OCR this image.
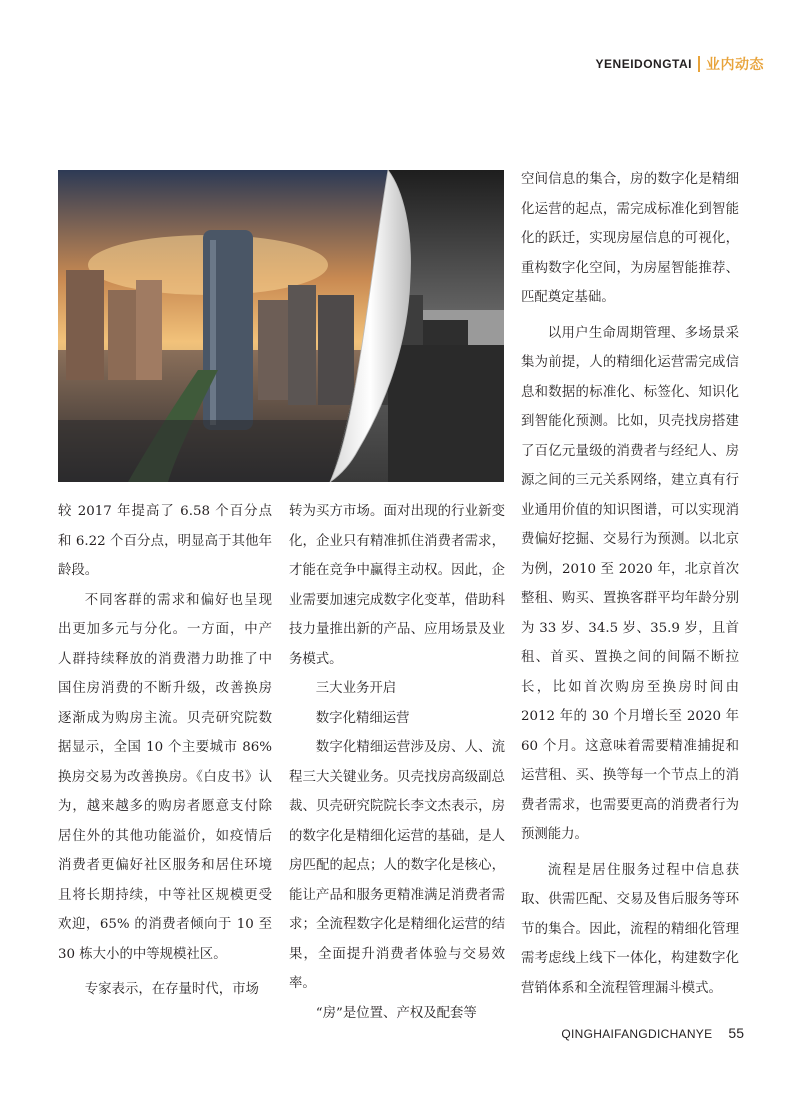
YENEIDONGTAI 业内动态

较 2017 年提高了 6.58 个百分点和 6.22 个百分点，明显高于其他年龄段。

不同客群的需求和偏好也呈现出更加多元与分化。一方面，中产人群持续释放的消费潜力助推了中国住房消费的不断升级，改善换房逐渐成为购房主流。贝壳研究院数据显示，全国 10 个主要城市 86% 换房交易为改善换房。《白皮书》认为，越来越多的购房者愿意支付除居住外的其他功能溢价，如疫情后消费者更偏好社区服务和居住环境且将长期持续，中等社区规模更受欢迎，65% 的消费者倾向于 10 至 30 栋大小的中等规模社区。

专家表示，在存量时代，市场

转为买方市场。面对出现的行业新变化，企业只有精准抓住消费者需求，才能在竞争中赢得主动权。因此，企业需要加速完成数字化变革，借助科技力量推出新的产品、应用场景及业务模式。

三大业务开启

数字化精细运营

数字化精细运营涉及房、人、流程三大关键业务。贝壳找房高级副总裁、贝壳研究院院长李文杰表示，房的数字化是精细化运营的基础，是人房匹配的起点；人的数字化是核心，能让产品和服务更精准满足消费者需求；全流程数字化是精细化运营的结果，全面提升消费者体验与交易效率。

“房”是位置、产权及配套等

空间信息的集合，房的数字化是精细化运营的起点，需完成标准化到智能化的跃迁，实现房屋信息的可视化，重构数字化空间，为房屋智能推荐、匹配奠定基础。

以用户生命周期管理、多场景采集为前提，人的精细化运营需完成信息和数据的标准化、标签化、知识化到智能化预测。比如，贝壳找房搭建了百亿元量级的消费者与经纪人、房源之间的三元关系网络，建立真有行业通用价值的知识图谱，可以实现消费偏好挖掘、交易行为预测。以北京为例，2010 至 2020 年，北京首次整租、购买、置换客群平均年龄分别为 33 岁、34.5 岁、35.9 岁，且首租、首买、置换之间的间隔不断拉长，比如首次购房至换房时间由 2012 年的 30 个月增长至 2020 年 60 个月。这意味着需要精准捕捉和运营租、买、换等每一个节点上的消费者需求，也需要更高的消费者行为预测能力。

流程是居住服务过程中信息获取、供需匹配、交易及售后服务等环节的集合。因此，流程的精细化管理需考虑线上线下一体化，构建数字化营销体系和全流程管理漏斗模式。

QINGHAIFANGDICHANYE 55
